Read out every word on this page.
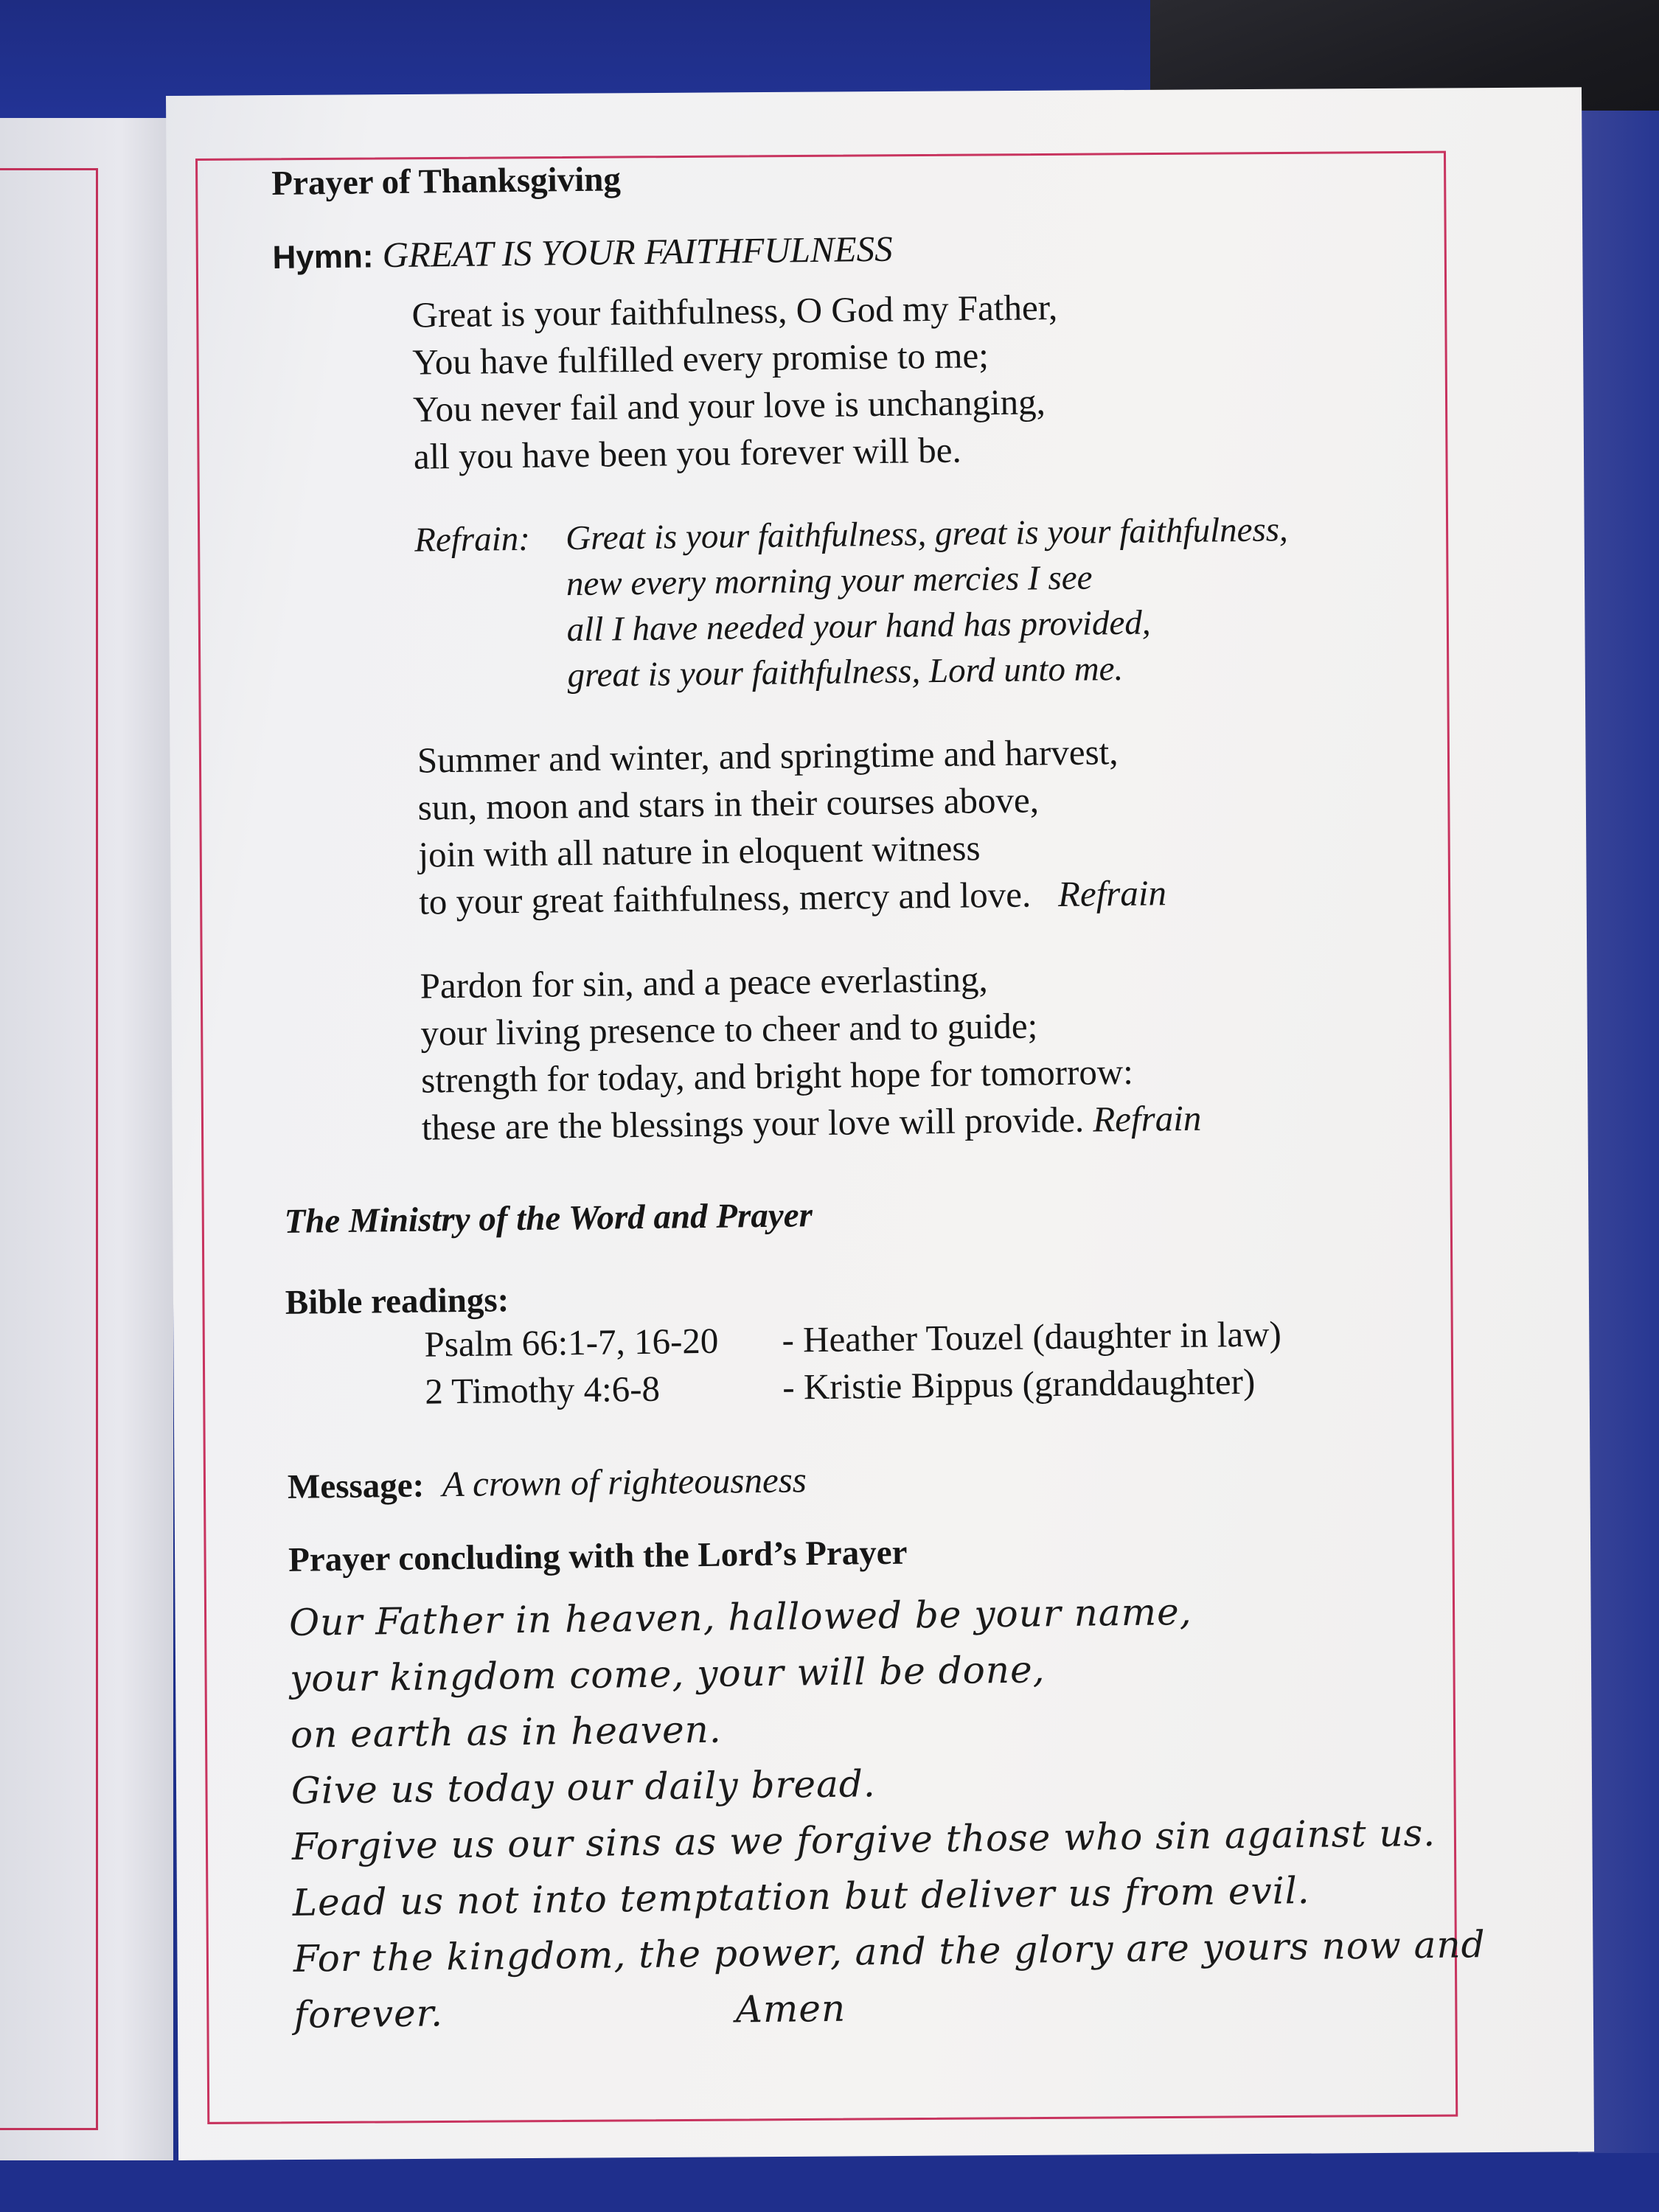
Prayer of Thanksgiving

Hymn: GREAT IS YOUR FAITHFULNESS

Great is your faithfulness, O God my Father,

You have fulfilled every promise to me;

You never fail and your love is unchanging,

all you have been you forever will be.

Refrain:	Great is your faithfulness, great is your faithfulness,

new every morning your mercies I see

all I have needed your hand has provided,

great is your faithfulness, Lord unto me.

Summer and winter, and springtime and harvest,

sun, moon and stars in their courses above,

join with all nature in eloquent witness

to your great faithfulness, mercy and love. Refrain

Pardon for sin, and a peace everlasting,

your living presence to cheer and to guide;

strength for today, and bright hope for tomorrow:

these are the blessings your love will provide. Refrain

The Ministry of the Word and Prayer

Bible readings:

Psalm 66:1-7, 16-20	- Heather Touzel (daughter in law)
2 Timothy 4:6-8	- Kristie Bippus (granddaughter)

Message: A crown of righteousness

Prayer concluding with the Lord’s Prayer

Our Father in heaven, hallowed be your name,

your kingdom come, your will be done,

on earth as in heaven.

Give us today our daily bread.

Forgive us our sins as we forgive those who sin against us.

Lead us not into temptation but deliver us from evil.

For the kingdom, the power, and the glory are yours now and

forever.	Amen
